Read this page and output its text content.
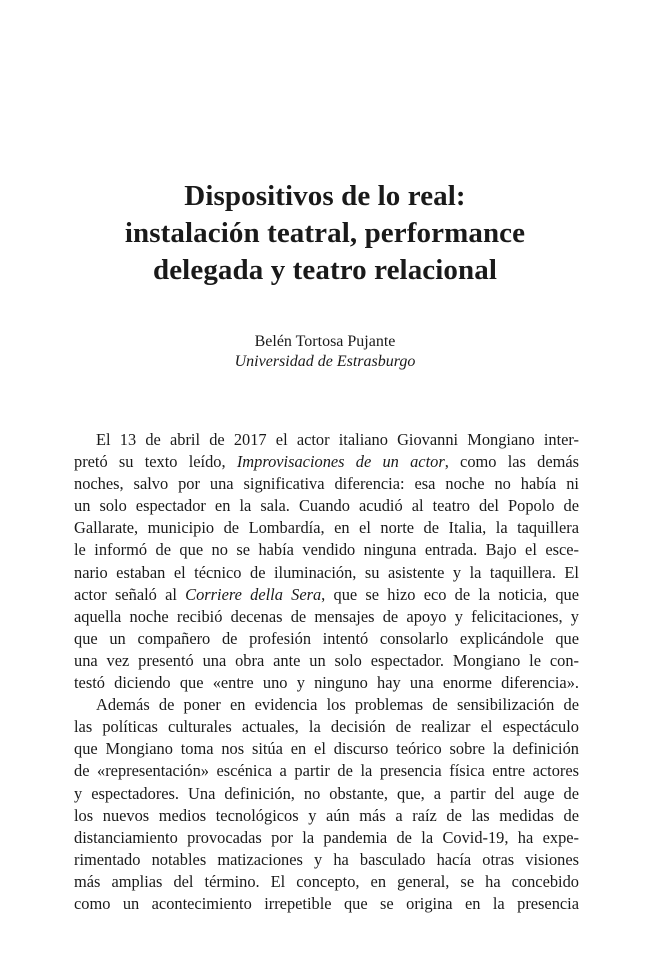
Dispositivos de lo real:
instalación teatral, performance
delegada y teatro relacional
Belén Tortosa Pujante
Universidad de Estrasburgo
El 13 de abril de 2017 el actor italiano Giovanni Mongiano inter-
pretó su texto leído, Improvisaciones de un actor, como las demás
noches, salvo por una significativa diferencia: esa noche no había ni
un solo espectador en la sala. Cuando acudió al teatro del Popolo de
Gallarate, municipio de Lombardía, en el norte de Italia, la taquillera
le informó de que no se había vendido ninguna entrada. Bajo el esce-
nario estaban el técnico de iluminación, su asistente y la taquillera. El
actor señaló al Corriere della Sera, que se hizo eco de la noticia, que
aquella noche recibió decenas de mensajes de apoyo y felicitaciones, y
que un compañero de profesión intentó consolarlo explicándole que
una vez presentó una obra ante un solo espectador. Mongiano le con-
testó diciendo que «entre uno y ninguno hay una enorme diferencia».
Además de poner en evidencia los problemas de sensibilización de
las políticas culturales actuales, la decisión de realizar el espectáculo
que Mongiano toma nos sitúa en el discurso teórico sobre la definición
de «representación» escénica a partir de la presencia física entre actores
y espectadores. Una definición, no obstante, que, a partir del auge de
los nuevos medios tecnológicos y aún más a raíz de las medidas de
distanciamiento provocadas por la pandemia de la Covid-19, ha expe-
rimentado notables matizaciones y ha basculado hacía otras visiones
más amplias del término. El concepto, en general, se ha concebido
como un acontecimiento irrepetible que se origina en la presencia
